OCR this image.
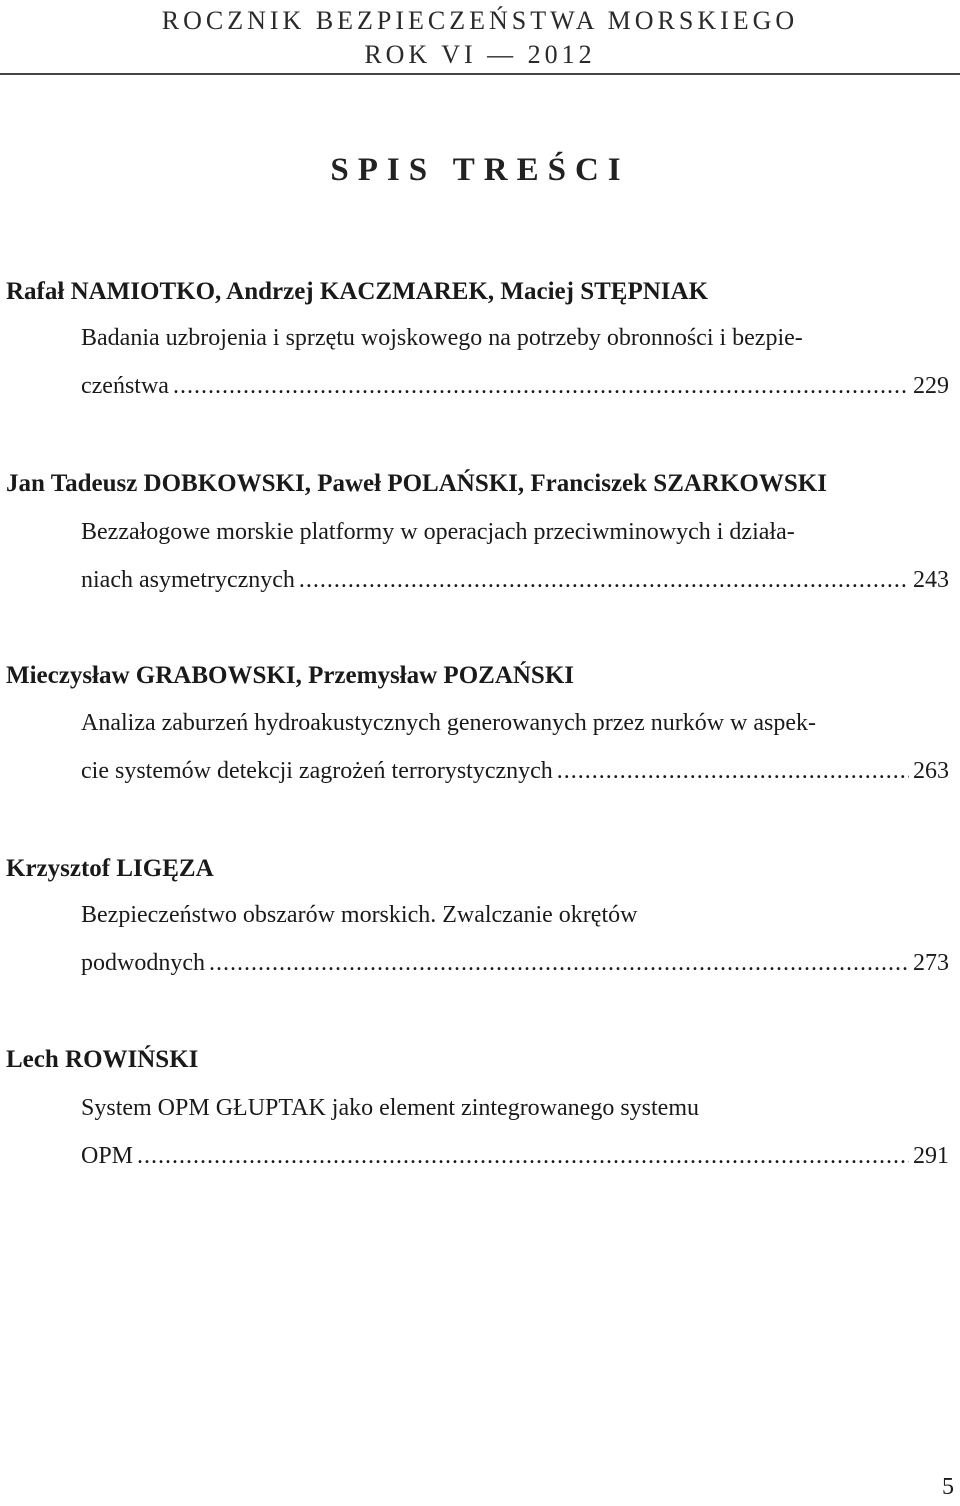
ROCZNIK BEZPIECZEŃSTWA MORSKIEGO
ROK VI — 2012
SPIS TREŚCI
Rafał NAMIOTKO, Andrzej KACZMAREK, Maciej STĘPNIAK
Badania uzbrojenia i sprzętu wojskowego na potrzeby obronności i bezpie-
czeństwa .....	229
Jan Tadeusz DOBKOWSKI, Paweł POLAŃSKI, Franciszek SZARKOWSKI
Bezzałogowe morskie platformy w operacjach przeciwminowych i działa-
niach asymetrycznych .....	243
Mieczysław GRABOWSKI, Przemysław POZAŃSKI
Analiza zaburzeń hydroakustycznych generowanych przez nurków w aspek-
cie systemów detekcji zagrożeń terrorystycznych .....	263
Krzysztof LIGĘZA
Bezpieczeństwo obszarów morskich. Zwalczanie okrętów
podwodnych .....	273
Lech ROWIŃSKI
System OPM GŁUPTAK jako element zintegrowanego systemu
OPM .....	291
5
